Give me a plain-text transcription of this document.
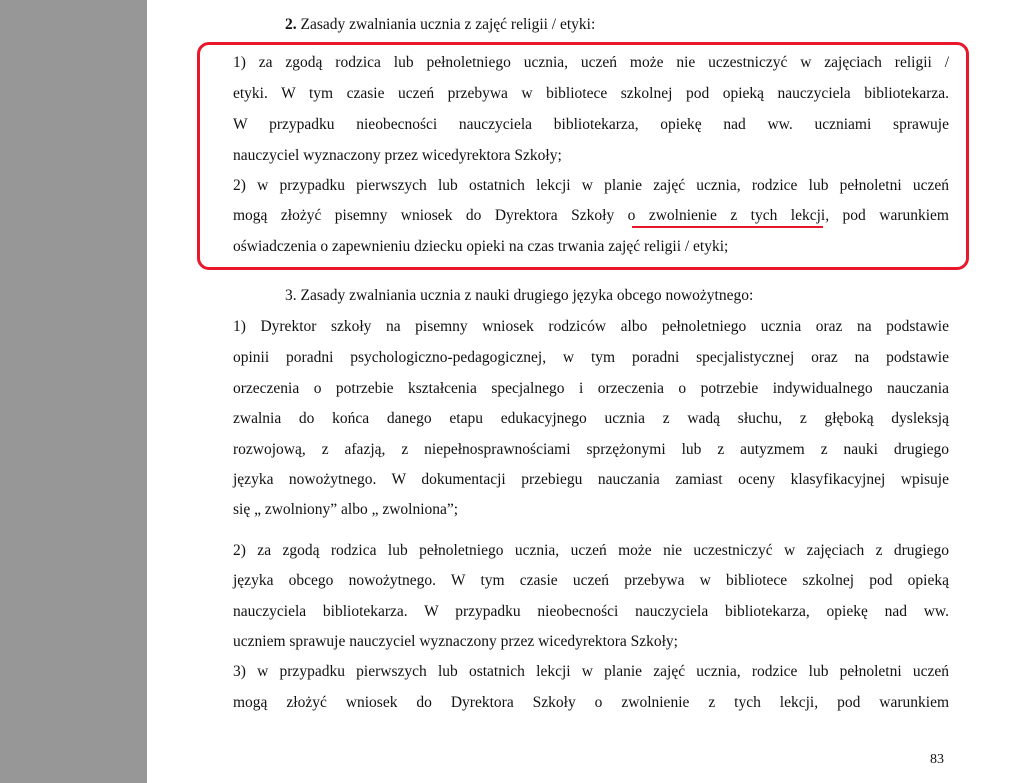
2. Zasady zwalniania ucznia z zajęć religii / etyki:
1) za zgodą rodzica lub pełnoletniego ucznia, uczeń może nie uczestniczyć w zajęciach religii /
etyki. W tym czasie uczeń przebywa w bibliotece szkolnej pod opieką nauczyciela bibliotekarza.
W przypadku nieobecności nauczyciela bibliotekarza, opiekę nad ww. uczniami sprawuje
nauczyciel wyznaczony przez wicedyrektora Szkoły;
2) w przypadku pierwszych lub ostatnich lekcji w planie zajęć ucznia, rodzice lub pełnoletni uczeń
mogą złożyć pisemny wniosek do Dyrektora Szkoły o zwolnienie z tych lekcji, pod warunkiem
oświadczenia o zapewnieniu dziecku opieki na czas trwania zajęć religii / etyki;
3. Zasady zwalniania ucznia z nauki drugiego języka obcego nowożytnego:
1) Dyrektor szkoły na pisemny wniosek rodziców albo pełnoletniego ucznia oraz na podstawie
opinii poradni psychologiczno-pedagogicznej, w tym poradni specjalistycznej oraz na podstawie
orzeczenia o potrzebie kształcenia specjalnego i orzeczenia o potrzebie indywidualnego nauczania
zwalnia do końca danego etapu edukacyjnego ucznia z wadą słuchu, z głęboką dysleksją
rozwojową, z afazją, z niepełnosprawnościami sprzężonymi lub z autyzmem z nauki drugiego
języka nowożytnego. W dokumentacji przebiegu nauczania zamiast oceny klasyfikacyjnej wpisuje
się „ zwolniony” albo „ zwolniona”;
2) za zgodą rodzica lub pełnoletniego ucznia, uczeń może nie uczestniczyć w zajęciach z drugiego
języka obcego nowożytnego. W tym czasie uczeń przebywa w bibliotece szkolnej pod opieką
nauczyciela bibliotekarza. W przypadku nieobecności nauczyciela bibliotekarza, opiekę nad ww.
uczniem sprawuje nauczyciel wyznaczony przez wicedyrektora Szkoły;
3) w przypadku pierwszych lub ostatnich lekcji w planie zajęć ucznia, rodzice lub pełnoletni uczeń
mogą złożyć wniosek do Dyrektora Szkoły o zwolnienie z tych lekcji, pod warunkiem
83
